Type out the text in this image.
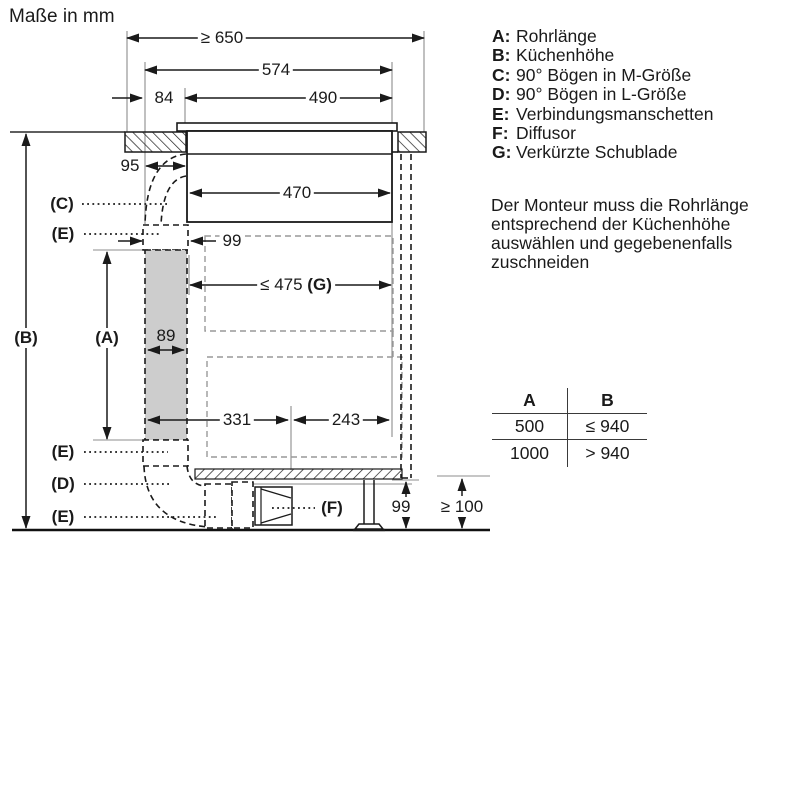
Maße in mm
A: Rohrlänge
B: Küchenhöhe
C: 90° Bögen in M-Größe
D: 90° Bögen in L-Größe
E: Verbindungsmanschetten
F: Diffusor
G: Verkürzte Schublade
Der Monteur muss die Rohrlänge
entsprechend der Küchenhöhe
auswählen und gegebenenfalls
zuschneiden
A	B
500	≤ 940
1000	> 940
≥ 650
574
84	490
95
470
99
≤ 475 (G)
89
331	243
99 ≥ 100
(C)
(E)
(A)
(B)
(E)
(D)
(E)	(F)
